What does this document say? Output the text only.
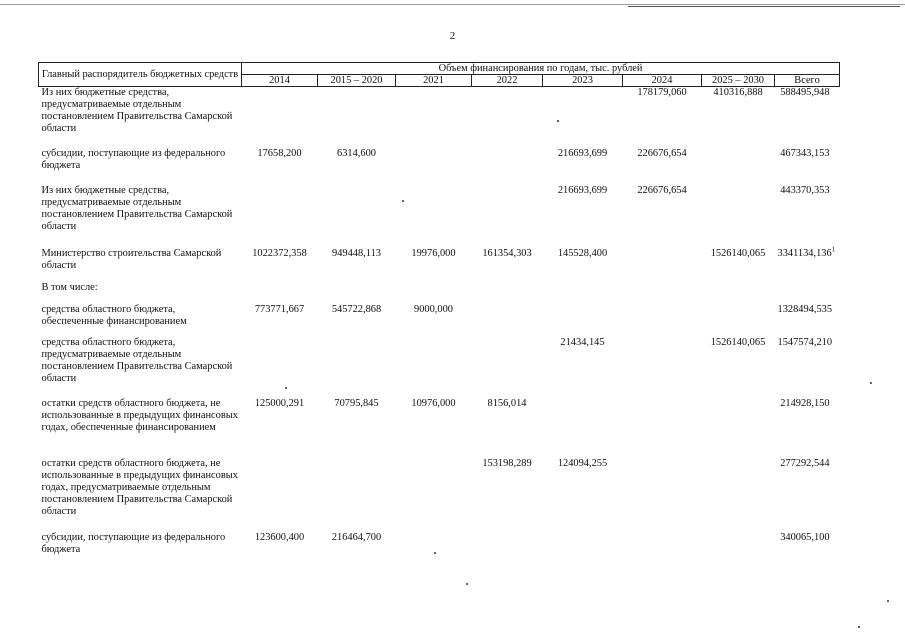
2
Главный распорядитель бюджетных средств	Объем финансирования по годам, тыс. рублей							
	2014	2015 – 2020	2021	2022	2023	2024	2025 – 2030	Всего
Из них бюджетные средства, предусматриваемые отдельным постановлением Правительства Самарской области						178179,060	410316,888	588495,948
субсидии, поступающие из федерального бюджета	17658,200	6314,600			216693,699	226676,654		467343,153
Из них бюджетные средства, предусматриваемые отдельным постановлением Правительства Самарской области					216693,699	226676,654		443370,353
Министерство строительства Самарской области	1022372,358	949448,113	19976,000	161354,303	145528,400		1526140,065	3341134,136$^1$
В том числе:								
средства областного бюджета, обеспеченные финансированием	773771,667	545722,868	9000,000					1328494,535
средства областного бюджета, предусматриваемые отдельным постановлением Правительства Самарской области					21434,145		1526140,065	1547574,210
остатки средств областного бюджета, не использованные в предыдущих финансовых годах, обеспеченные финансированием	125000,291	70795,845	10976,000	8156,014				214928,150
остатки средств областного бюджета, не использованные в предыдущих финансовых годах, предусматриваемые отдельным постановлением Правительства Самарской области				153198,289	124094,255			277292,544
субсидии, поступающие из федерального бюджета	123600,400	216464,700						340065,100
